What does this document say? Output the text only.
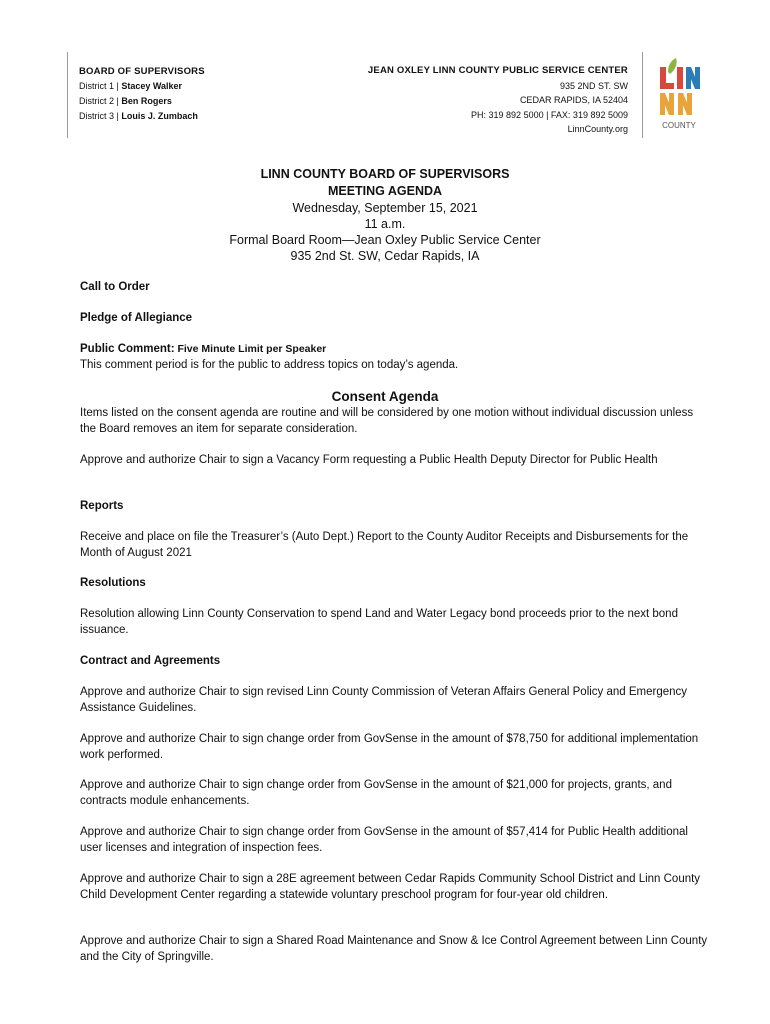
BOARD OF SUPERVISORS
District 1 | Stacey Walker
District 2 | Ben Rogers
District 3 | Louis J. Zumbach
JEAN OXLEY LINN COUNTY PUBLIC SERVICE CENTER
935 2ND ST. SW
CEDAR RAPIDS, IA 52404
PH: 319 892 5000 | FAX: 319 892 5009
LinnCounty.org	COUNTY
LINN COUNTY BOARD OF SUPERVISORS
MEETING AGENDA
Wednesday, September 15, 2021
11 a.m.
Formal Board Room—Jean Oxley Public Service Center
935 2nd St. SW, Cedar Rapids, IA
Call to Order
Pledge of Allegiance
Public Comment: Five Minute Limit per Speaker
This comment period is for the public to address topics on today’s agenda.
Consent Agenda
Items listed on the consent agenda are routine and will be considered by one motion without individual discussion unless the Board removes an item for separate consideration.
Approve and authorize Chair to sign a Vacancy Form requesting a Public Health Deputy Director for Public Health
Reports
Receive and place on file the Treasurer’s (Auto Dept.) Report to the County Auditor Receipts and Disbursements for the Month of August 2021
Resolutions
Resolution allowing Linn County Conservation to spend Land and Water Legacy bond proceeds prior to the next bond issuance.
Contract and Agreements
Approve and authorize Chair to sign revised Linn County Commission of Veteran Affairs General Policy and Emergency Assistance Guidelines.
Approve and authorize Chair to sign change order from GovSense in the amount of $78,750 for additional implementation work performed.
Approve and authorize Chair to sign change order from GovSense in the amount of $21,000 for projects, grants, and contracts module enhancements.
Approve and authorize Chair to sign change order from GovSense in the amount of $57,414 for Public Health additional user licenses and integration of inspection fees.
Approve and authorize Chair to sign a 28E agreement between Cedar Rapids Community School District and Linn County Child Development Center regarding a statewide voluntary preschool program for four-year old children.
Approve and authorize Chair to sign a Shared Road Maintenance and Snow & Ice Control Agreement between Linn County and the City of Springville.
